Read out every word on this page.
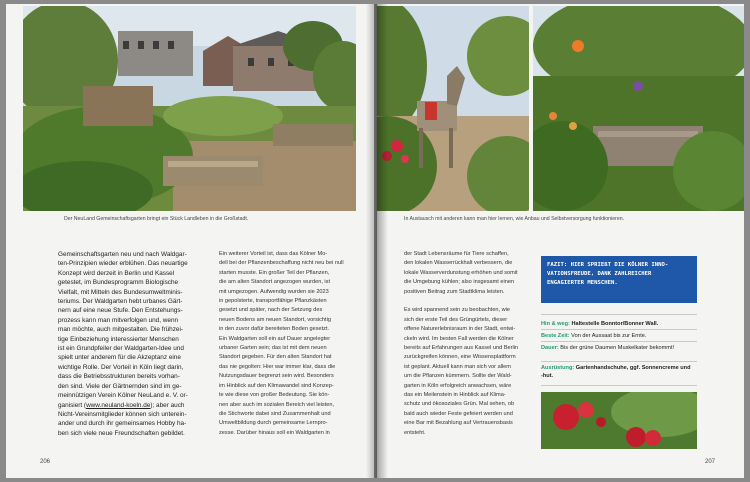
Der NeuLand Gemeinschaftsgarten bringt ein Stück Landleben in die Großstadt.
Gemeinschaftsgarten neu und nach Waldgar-
ten-Prinzipien wieder erblühen. Das neuartige
Konzept wird derzeit in Berlin und Kassel
getestet, im Bundesprogramm Biologische
Vielfalt, mit Mitteln des Bundesumweltminis-
teriums. Der Waldgarten hebt urbanes Gärt-
nern auf eine neue Stufe. Den Entstehungs-
prozess kann man mitverfolgen und, wenn
man möchte, auch mitgestalten. Die frühzei-
tige Einbeziehung interessierter Menschen
ist ein Grundpfeiler der Waldgarten-Idee und
spielt unter anderem für die Akzeptanz eine
wichtige Rolle. Der Vorteil in Köln liegt darin,
dass die Betriebsstrukturen bereits vorhan-
den sind. Viele der Gärtnernden sind im ge-
meinnützigen Verein Kölner NeuLand e. V. or-
ganisiert (www.neuland-koeln.de); aber auch
Nicht-Vereinsmitglieder können sich unterein-
ander und durch ihr gemeinsames Hobby ha-
ben sich viele neue Freundschaften gebildet.
Ein weiterer Vorteil ist, dass das Kölner Mo-
dell bei der Pflanzenbeschaffung nicht neu bei null
starten musste. Ein großer Teil der Pflanzen,
die am alten Standort angezogen wurden, ist
mit umgezogen. Aufwendig wurden sie 2023
in gepolsterte, transportfähige Pflanzkästen
gesetzt und später, nach der Setzung des
neuen Bodens am neuen Standort, vorsichtig
in den zuvor dafür bereiteten Boden gesetzt.
Ein Waldgarten soll ein auf Dauer angelegter
urbaner Garten sein; das ist mit dem neuen
Standort gegeben. Für den alten Standort hat
das nie gegolten: Hier war immer klar, dass die
Nutzungsdauer begrenzt sein wird. Besonders
im Hinblick auf den Klimawandel sind Konzep-
te wie diese von großer Bedeutung. Sie kön-
nen aber auch im sozialen Bereich viel leisten,
die Stichworte dabei sind Zusammenhalt und
Umweltbildung durch gemeinsame Lernpro-
zesse. Darüber hinaus soll ein Waldgarten in
206
In Austausch mit anderen kann man hier lernen, wie Anbau und Selbstversorgung funktionieren.
der Stadt Lebensräume für Tiere schaffen,
den lokalen Wasserrückhalt verbessern, die
lokale Wasserverdunstung erhöhen und somit
die Umgebung kühlen; also insgesamt einen
positiven Beitrag zum Stadtklima leisten.
Es wird spannend sein zu beobachten, wie
sich der erste Teil des Grüngürtels, dieser
offene Naturerlebnisraum in der Stadt, entwi-
ckeln wird. Im besten Fall werden die Kölner
bereits auf Erfahrungen aus Kassel und Berlin
zurückgreifen können, eine Wissensplattform
ist geplant. Aktuell kann man sich vor allem
um die Pflanzen kümmern. Sollte der Wald-
garten in Köln erfolgreich anwachsen, wäre
das ein Meilenstein in Hinblick auf Klima-
schutz und ökosoziales Grün. Mal sehen, ob
bald auch wieder Feste gefeiert werden und
eine Bar mit Bezahlung auf Vertrauensbasis
entsteht.
FAZIT: HIER SPRIEßT DIE KÖLNER INNO-VATIONSFREUDE, DANK ZAHLREICHER ENGAGIERTER MENSCHEN.
Hin & weg: Haltestelle Bonntor/Bonner Wall.
Beste Zeit: Von der Aussaat bis zur Ernte.
Dauer: Bis der grüne Daumen Muskelkater bekommt!
Ausrüstung: Gartenhandschuhe, ggf. Sonnencreme und -hut.
207
